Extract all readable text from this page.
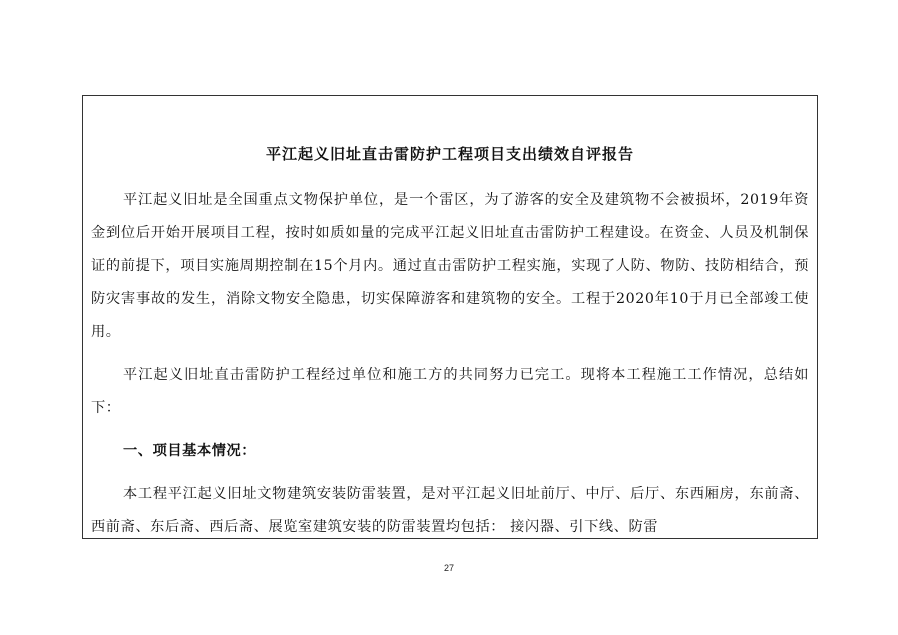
平江起义旧址直击雷防护工程项目支出绩效自评报告

平江起义旧址是全国重点文物保护单位，是一个雷区，为了游客的安全及建筑物不会被损坏，2019年资金到位后开始开展项目工程，按时如质如量的完成平江起义旧址直击雷防护工程建设。在资金、人员及机制保证的前提下，项目实施周期控制在15个月内。通过直击雷防护工程实施，实现了人防、物防、技防相结合，预防灾害事故的发生，消除文物安全隐患，切实保障游客和建筑物的安全。工程于2020年10于月已全部竣工使用。

平江起义旧址直击雷防护工程经过单位和施工方的共同努力已完工。现将本工程施工工作情况，总结如下：

一、项目基本情况：

本工程平江起义旧址文物建筑安装防雷装置，是对平江起义旧址前厅、中厅、后厅、东西厢房，东前斋、西前斋、东后斋、西后斋、展览室建筑安装的防雷装置均包括： 接闪器、引下线、防雷

27
